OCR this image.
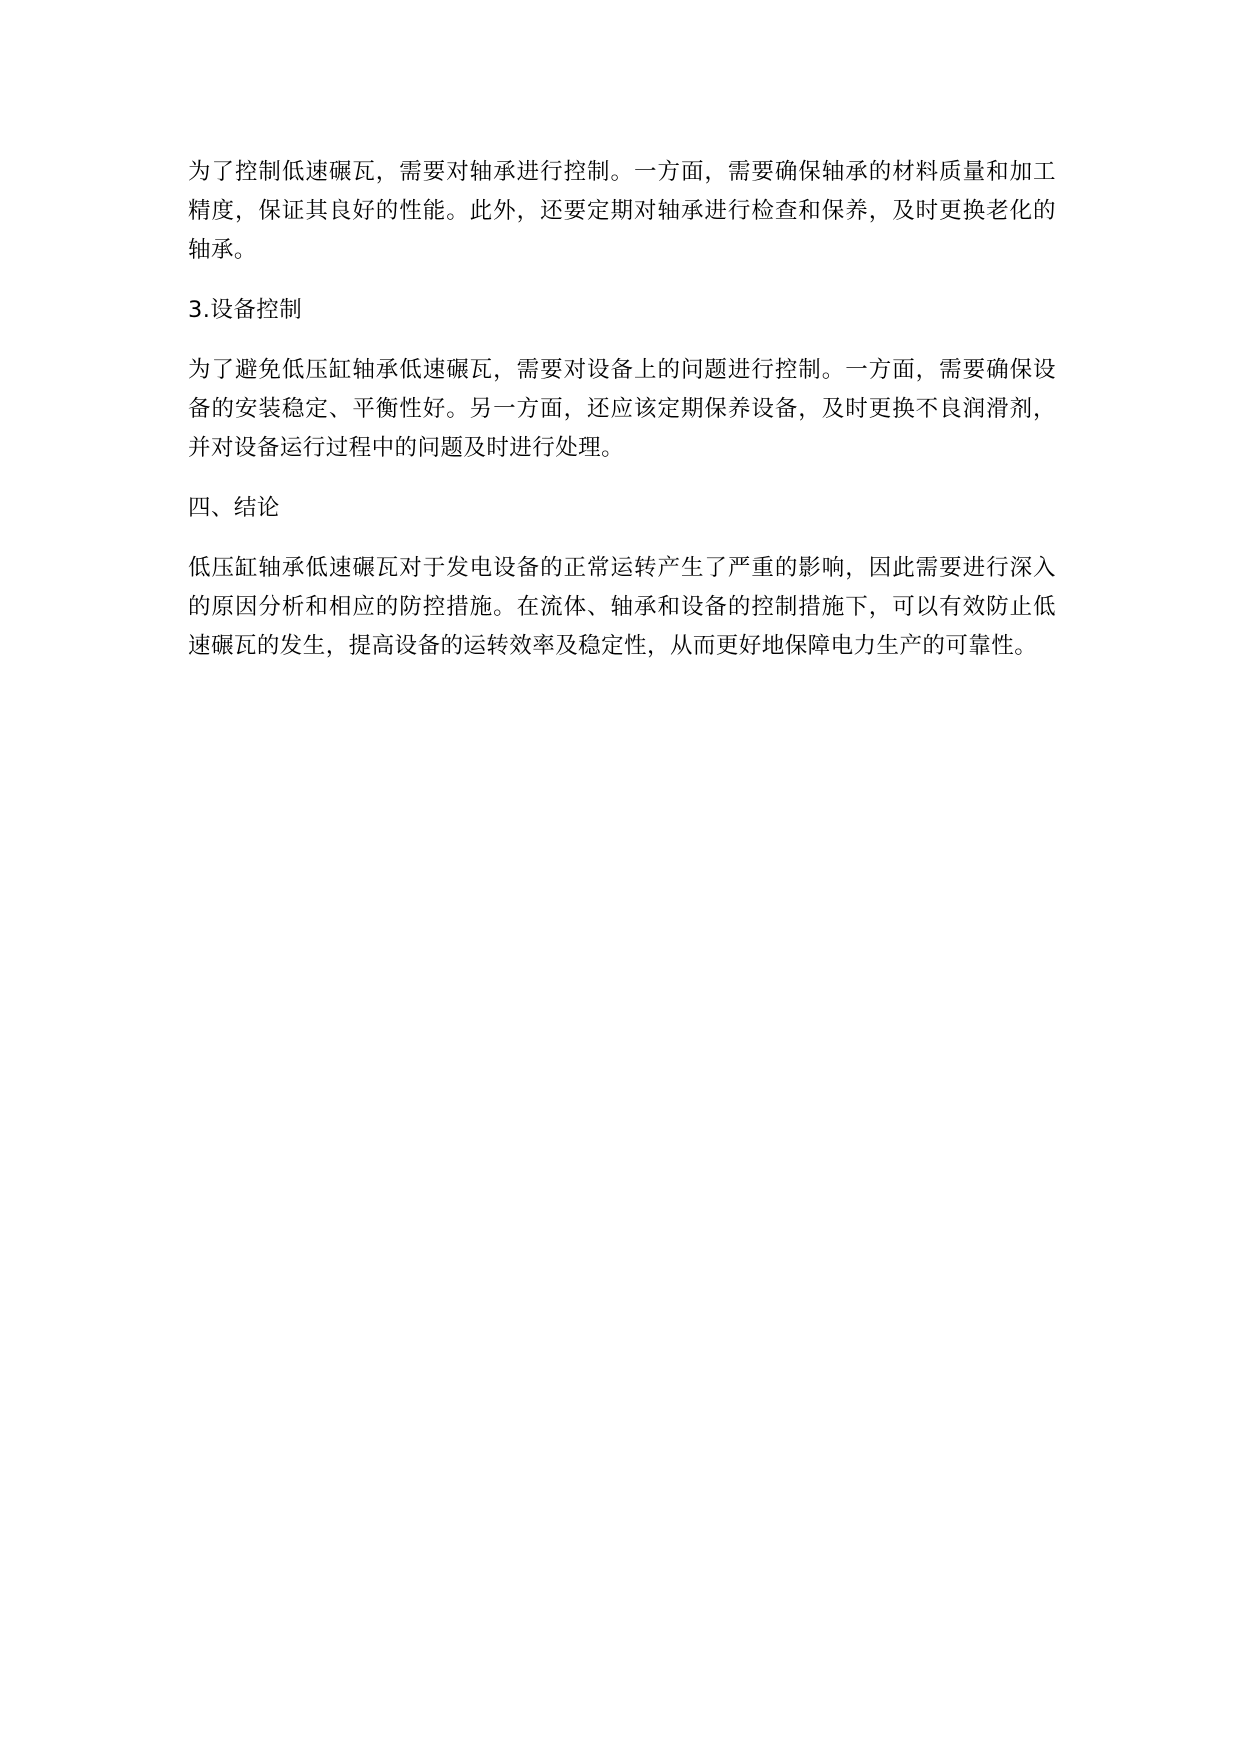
为了控制低速碾瓦，需要对轴承进行控制。一方面，需要确保轴承的材料质量和加工精度，保证其良好的性能。此外，还要定期对轴承进行检查和保养，及时更换老化的轴承。

3.设备控制

为了避免低压缸轴承低速碾瓦，需要对设备上的问题进行控制。一方面，需要确保设备的安装稳定、平衡性好。另一方面，还应该定期保养设备，及时更换不良润滑剂，并对设备运行过程中的问题及时进行处理。

四、结论

低压缸轴承低速碾瓦对于发电设备的正常运转产生了严重的影响，因此需要进行深入的原因分析和相应的防控措施。在流体、轴承和设备的控制措施下，可以有效防止低速碾瓦的发生，提高设备的运转效率及稳定性，从而更好地保障电力生产的可靠性。
